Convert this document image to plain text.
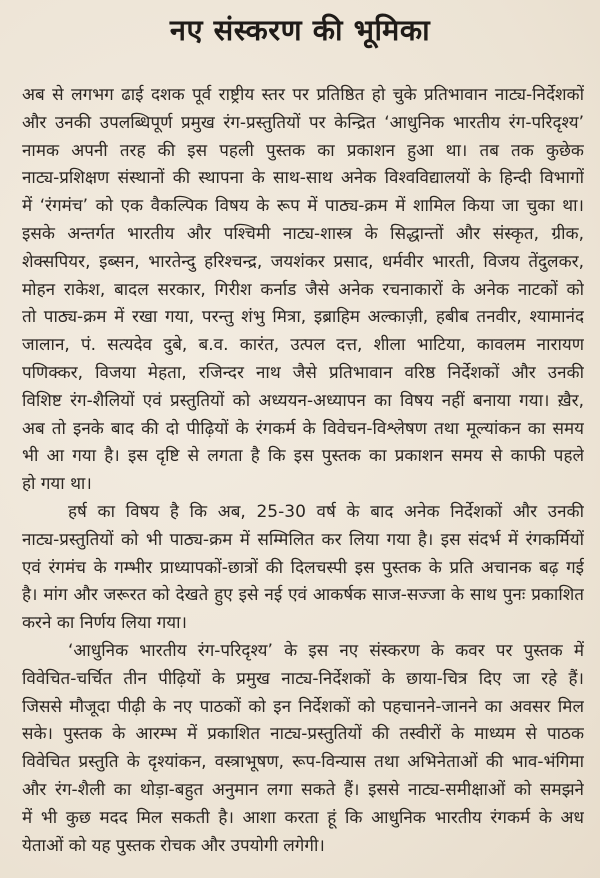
नए संस्करण की भूमिका
अब से लगभग ढाई दशक पूर्व राष्ट्रीय स्तर पर प्रतिष्ठित हो चुके प्रतिभावान नाट्य-निर्देशकों
और उनकी उपलब्धिपूर्ण प्रमुख रंग-प्रस्तुतियों पर केन्द्रित ‘आधुनिक भारतीय रंग-परिदृश्य’
नामक अपनी तरह की इस पहली पुस्तक का प्रकाशन हुआ था। तब तक कुछेक
नाट्य-प्रशिक्षण संस्थानों की स्थापना के साथ-साथ अनेक विश्वविद्यालयों के हिन्दी विभागों
में ‘रंगमंच’ को एक वैकल्पिक विषय के रूप में पाठ्य-क्रम में शामिल किया जा चुका था।
इसके अन्तर्गत भारतीय और पश्चिमी नाट्य-शास्त्र के सिद्धान्तों और संस्कृत, ग्रीक,
शेक्सपियर, इब्सन, भारतेन्दु हरिश्चन्द्र, जयशंकर प्रसाद, धर्मवीर भारती, विजय तेंदुलकर,
मोहन राकेश, बादल सरकार, गिरीश कर्नाड जैसे अनेक रचनाकारों के अनेक नाटकों को
तो पाठ्य-क्रम में रखा गया, परन्तु शंभु मित्रा, इब्राहिम अल्काज़ी, हबीब तनवीर, श्यामानंद
जालान, पं. सत्यदेव दुबे, ब.व. कारंत, उत्पल दत्त, शीला भाटिया, कावलम नारायण
पणिक्कर, विजया मेहता, रजिन्दर नाथ जैसे प्रतिभावान वरिष्ठ निर्देशकों और उनकी
विशिष्ट रंग-शैलियों एवं प्रस्तुतियों को अध्ययन-अध्यापन का विषय नहीं बनाया गया। ख़ैर,
अब तो इनके बाद की दो पीढ़ियों के रंगकर्म के विवेचन-विश्लेषण तथा मूल्यांकन का समय
भी आ गया है। इस दृष्टि से लगता है कि इस पुस्तक का प्रकाशन समय से काफी पहले
हो गया था।
हर्ष का विषय है कि अब, 25-30 वर्ष के बाद अनेक निर्देशकों और उनकी
नाट्य-प्रस्तुतियों को भी पाठ्य-क्रम में सम्मिलित कर लिया गया है। इस संदर्भ में रंगकर्मियों
एवं रंगमंच के गम्भीर प्राध्यापकों-छात्रों की दिलचस्पी इस पुस्तक के प्रति अचानक बढ़ गई
है। मांग और जरूरत को देखते हुए इसे नई एवं आकर्षक साज-सज्जा के साथ पुनः प्रकाशित
करने का निर्णय लिया गया।
‘आधुनिक भारतीय रंग-परिदृश्य’ के इस नए संस्करण के कवर पर पुस्तक में
विवेचित-चर्चित तीन पीढ़ियों के प्रमुख नाट्य-निर्देशकों के छाया-चित्र दिए जा रहे हैं।
जिससे मौजूदा पीढ़ी के नए पाठकों को इन निर्देशकों को पहचानने-जानने का अवसर मिल
सके। पुस्तक के आरम्भ में प्रकाशित नाट्य-प्रस्तुतियों की तस्वीरों के माध्यम से पाठक
विवेचित प्रस्तुति के दृश्यांकन, वस्त्राभूषण, रूप-विन्यास तथा अभिनेताओं की भाव-भंगिमा
और रंग-शैली का थोड़ा-बहुत अनुमान लगा सकते हैं। इससे नाट्य-समीक्षाओं को समझने
में भी कुछ मदद मिल सकती है। आशा करता हूं कि आधुनिक भारतीय रंगकर्म के अध
येताओं को यह पुस्तक रोचक और उपयोगी लगेगी।
